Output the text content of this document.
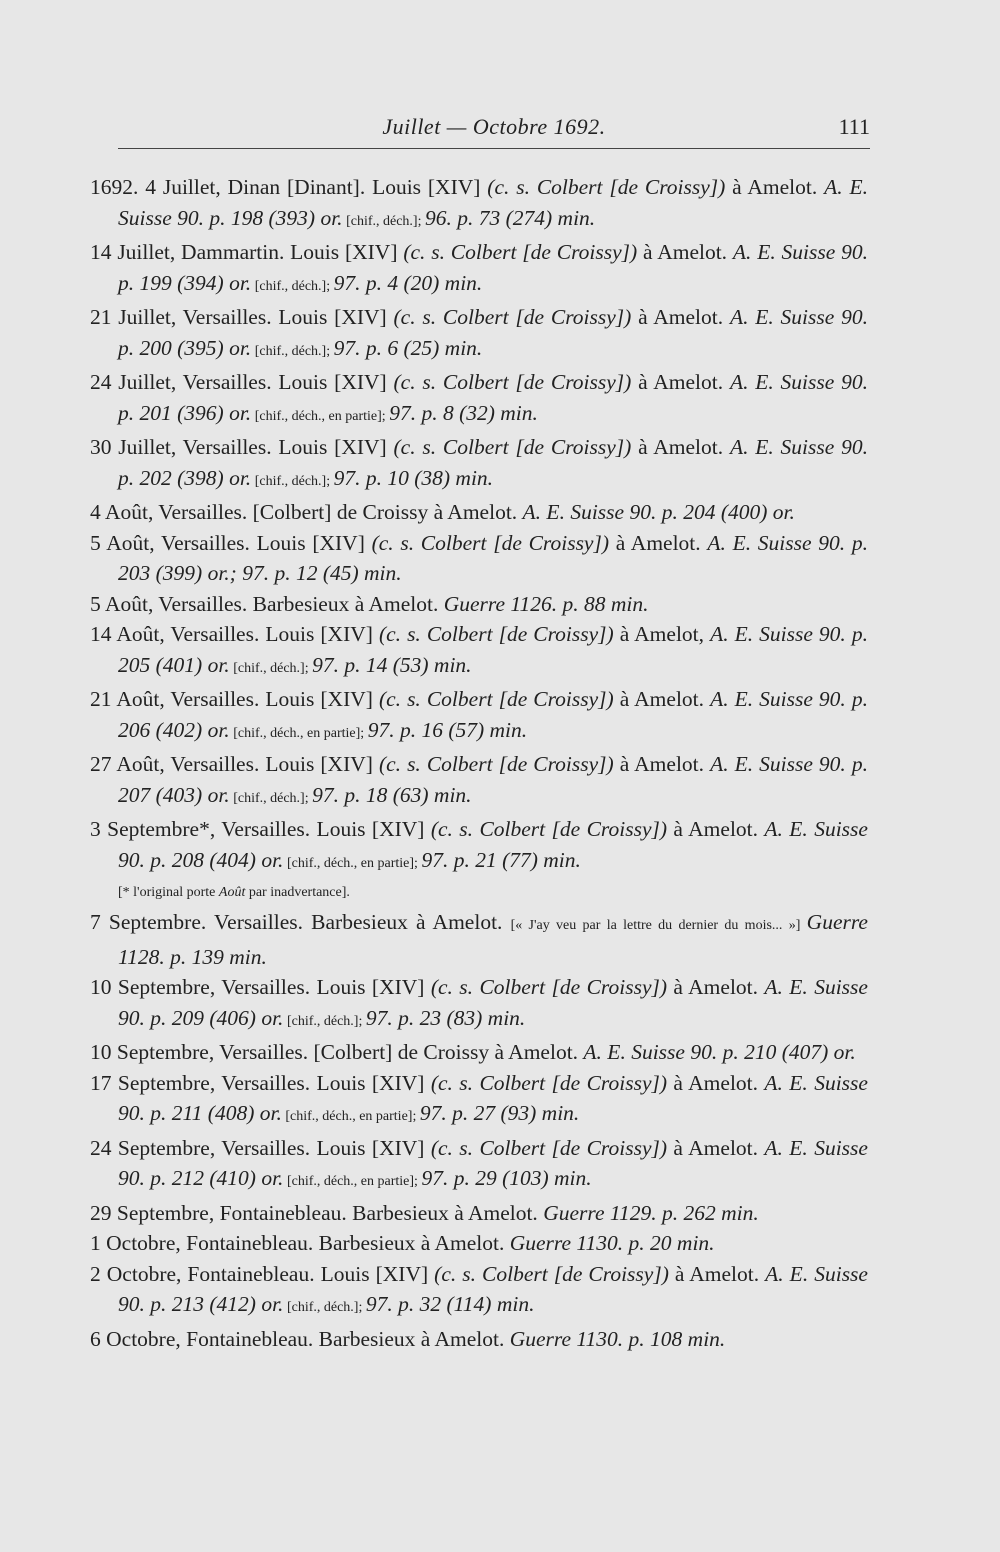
Juillet — Octobre 1692.	111
1692. 4 Juillet, Dinan [Dinant]. Louis [XIV] (c. s. Colbert [de Croissy]) à Amelot. A. E. Suisse 90. p. 198 (393) or. [chif., déch.]; 96. p. 73 (274) min.
14 Juillet, Dammartin. Louis [XIV] (c. s. Colbert [de Croissy]) à Amelot. A. E. Suisse 90. p. 199 (394) or. [chif., déch.]; 97. p. 4 (20) min.
21 Juillet, Versailles. Louis [XIV] (c. s. Colbert [de Croissy]) à Amelot. A. E. Suisse 90. p. 200 (395) or. [chif., déch.]; 97. p. 6 (25) min.
24 Juillet, Versailles. Louis [XIV] (c. s. Colbert [de Croissy]) à Amelot. A. E. Suisse 90. p. 201 (396) or. [chif., déch., en partie]; 97. p. 8 (32) min.
30 Juillet, Versailles. Louis [XIV] (c. s. Colbert [de Croissy]) à Amelot. A. E. Suisse 90. p. 202 (398) or. [chif., déch.]; 97. p. 10 (38) min.
4 Août, Versailles. [Colbert] de Croissy à Amelot. A. E. Suisse 90. p. 204 (400) or.
5 Août, Versailles. Louis [XIV] (c. s. Colbert [de Croissy]) à Amelot. A. E. Suisse 90. p. 203 (399) or.; 97. p. 12 (45) min.
5 Août, Versailles. Barbesieux à Amelot. Guerre 1126. p. 88 min.
14 Août, Versailles. Louis [XIV] (c. s. Colbert [de Croissy]) à Amelot, A. E. Suisse 90. p. 205 (401) or. [chif., déch.]; 97. p. 14 (53) min.
21 Août, Versailles. Louis [XIV] (c. s. Colbert [de Croissy]) à Amelot. A. E. Suisse 90. p. 206 (402) or. [chif., déch., en partie]; 97. p. 16 (57) min.
27 Août, Versailles. Louis [XIV] (c. s. Colbert [de Croissy]) à Amelot. A. E. Suisse 90. p. 207 (403) or. [chif., déch.]; 97. p. 18 (63) min.
3 Septembre*, Versailles. Louis [XIV] (c. s. Colbert [de Croissy]) à Amelot. A. E. Suisse 90. p. 208 (404) or. [chif., déch., en partie]; 97. p. 21 (77) min.
[* l'original porte Août par inadvertance].
7 Septembre. Versailles. Barbesieux à Amelot. [« J'ay veu par la lettre du dernier du mois... »] Guerre 1128. p. 139 min.
10 Septembre, Versailles. Louis [XIV] (c. s. Colbert [de Croissy]) à Amelot. A. E. Suisse 90. p. 209 (406) or. [chif., déch.]; 97. p. 23 (83) min.
10 Septembre, Versailles. [Colbert] de Croissy à Amelot. A. E. Suisse 90. p. 210 (407) or.
17 Septembre, Versailles. Louis [XIV] (c. s. Colbert [de Croissy]) à Amelot. A. E. Suisse 90. p. 211 (408) or. [chif., déch., en partie]; 97. p. 27 (93) min.
24 Septembre, Versailles. Louis [XIV] (c. s. Colbert [de Croissy]) à Amelot. A. E. Suisse 90. p. 212 (410) or. [chif., déch., en partie]; 97. p. 29 (103) min.
29 Septembre, Fontainebleau. Barbesieux à Amelot. Guerre 1129. p. 262 min.
1 Octobre, Fontainebleau. Barbesieux à Amelot. Guerre 1130. p. 20 min.
2 Octobre, Fontainebleau. Louis [XIV] (c. s. Colbert [de Croissy]) à Amelot. A. E. Suisse 90. p. 213 (412) or. [chif., déch.]; 97. p. 32 (114) min.
6 Octobre, Fontainebleau. Barbesieux à Amelot. Guerre 1130. p. 108 min.
